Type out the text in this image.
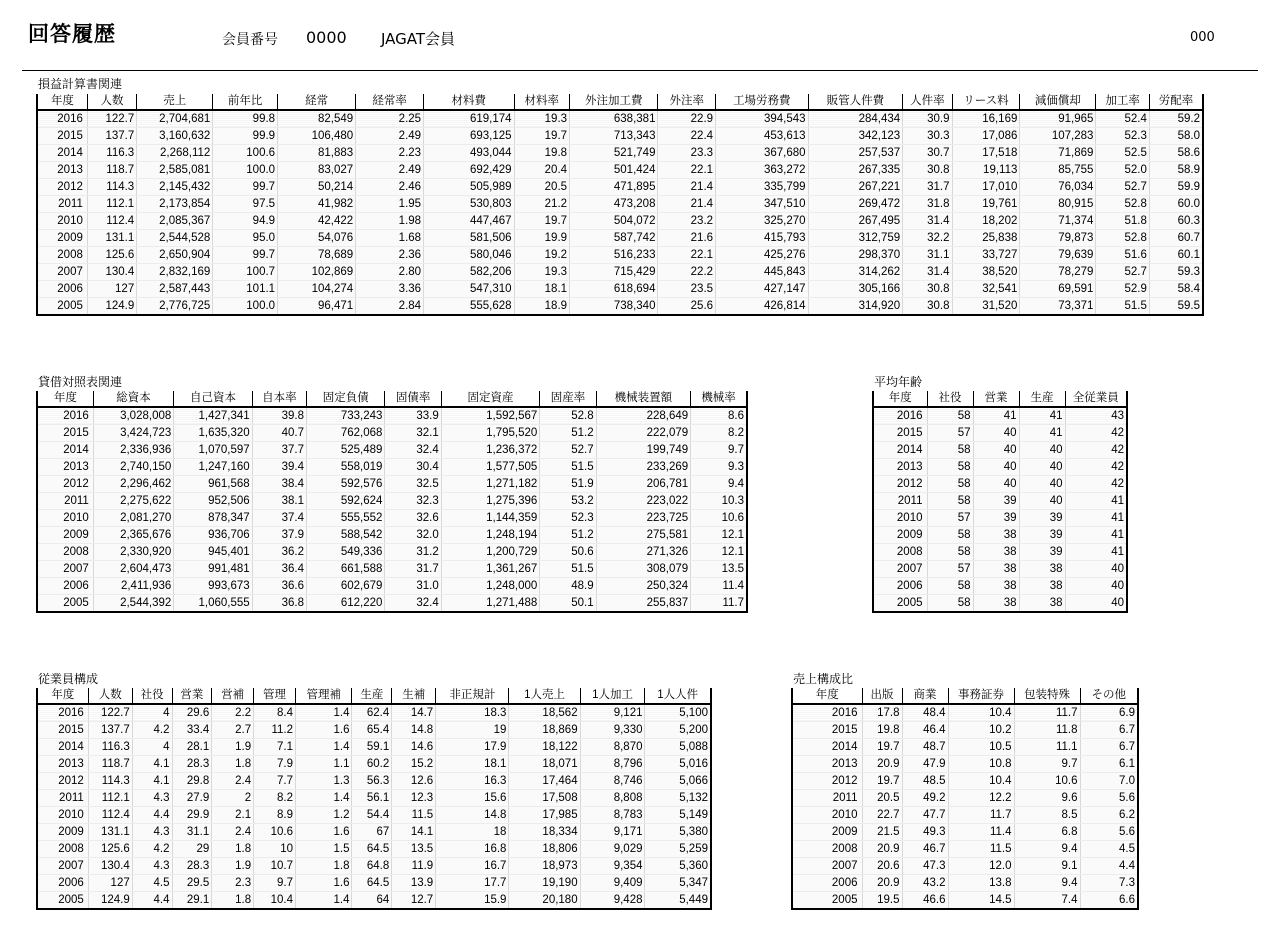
回答履歴	会員番号 0000 JAGAT会員	000
損益計算書関連
年度	人数	売上	前年比	経常	経常率	材料費	材料率	外注加工費	外注率	工場労務費	販管人件費	人件率	リース料	減価償却	加工率	労配率
2016	122.7	2,704,681	99.8	82,549	2.25	619,174	19.3	638,381	22.9	394,543	284,434	30.9	16,169	91,965	52.4	59.2
2015	137.7	3,160,632	99.9	106,480	2.49	693,125	19.7	713,343	22.4	453,613	342,123	30.3	17,086	107,283	52.3	58.0
2014	116.3	2,268,112	100.6	81,883	2.23	493,044	19.8	521,749	23.3	367,680	257,537	30.7	17,518	71,869	52.5	58.6
2013	118.7	2,585,081	100.0	83,027	2.49	692,429	20.4	501,424	22.1	363,272	267,335	30.8	19,113	85,755	52.0	58.9
2012	114.3	2,145,432	99.7	50,214	2.46	505,989	20.5	471,895	21.4	335,799	267,221	31.7	17,010	76,034	52.7	59.9
2011	112.1	2,173,854	97.5	41,982	1.95	530,803	21.2	473,208	21.4	347,510	269,472	31.8	19,761	80,915	52.8	60.0
2010	112.4	2,085,367	94.9	42,422	1.98	447,467	19.7	504,072	23.2	325,270	267,495	31.4	18,202	71,374	51.8	60.3
2009	131.1	2,544,528	95.0	54,076	1.68	581,506	19.9	587,742	21.6	415,793	312,759	32.2	25,838	79,873	52.8	60.7
2008	125.6	2,650,904	99.7	78,689	2.36	580,046	19.2	516,233	22.1	425,276	298,370	31.1	33,727	79,639	51.6	60.1
2007	130.4	2,832,169	100.7	102,869	2.80	582,206	19.3	715,429	22.2	445,843	314,262	31.4	38,520	78,279	52.7	59.3
2006	127	2,587,443	101.1	104,274	3.36	547,310	18.1	618,694	23.5	427,147	305,166	30.8	32,541	69,591	52.9	58.4
2005	124.9	2,776,725	100.0	96,471	2.84	555,628	18.9	738,340	25.6	426,814	314,920	30.8	31,520	73,371	51.5	59.5
貸借対照表関連
年度	総資本	自己資本	自本率	固定負債	固債率	固定資産	固産率	機械装置額	機械率
2016	3,028,008	1,427,341	39.8	733,243	33.9	1,592,567	52.8	228,649	8.6
2015	3,424,723	1,635,320	40.7	762,068	32.1	1,795,520	51.2	222,079	8.2
2014	2,336,936	1,070,597	37.7	525,489	32.4	1,236,372	52.7	199,749	9.7
2013	2,740,150	1,247,160	39.4	558,019	30.4	1,577,505	51.5	233,269	9.3
2012	2,296,462	961,568	38.4	592,576	32.5	1,271,182	51.9	206,781	9.4
2011	2,275,622	952,506	38.1	592,624	32.3	1,275,396	53.2	223,022	10.3
2010	2,081,270	878,347	37.4	555,552	32.6	1,144,359	52.3	223,725	10.6
2009	2,365,676	936,706	37.9	588,542	32.0	1,248,194	51.2	275,581	12.1
2008	2,330,920	945,401	36.2	549,336	31.2	1,200,729	50.6	271,326	12.1
2007	2,604,473	991,481	36.4	661,588	31.7	1,361,267	51.5	308,079	13.5
2006	2,411,936	993,673	36.6	602,679	31.0	1,248,000	48.9	250,324	11.4
2005	2,544,392	1,060,555	36.8	612,220	32.4	1,271,488	50.1	255,837	11.7
平均年齢
年度	社役	営業	生産	全従業員
2016	58	41	41	43
2015	57	40	41	42
2014	58	40	40	42
2013	58	40	40	42
2012	58	40	40	42
2011	58	39	40	41
2010	57	39	39	41
2009	58	38	39	41
2008	58	38	39	41
2007	57	38	38	40
2006	58	38	38	40
2005	58	38	38	40
従業員構成
年度	人数	社役	営業	営補	管理	管理補	生産	生補	非正規計	1人売上	1人加工	1人人件
2016	122.7	4	29.6	2.2	8.4	1.4	62.4	14.7	18.3	18,562	9,121	5,100
2015	137.7	4.2	33.4	2.7	11.2	1.6	65.4	14.8	19	18,869	9,330	5,200
2014	116.3	4	28.1	1.9	7.1	1.4	59.1	14.6	17.9	18,122	8,870	5,088
2013	118.7	4.1	28.3	1.8	7.9	1.1	60.2	15.2	18.1	18,071	8,796	5,016
2012	114.3	4.1	29.8	2.4	7.7	1.3	56.3	12.6	16.3	17,464	8,746	5,066
2011	112.1	4.3	27.9	2	8.2	1.4	56.1	12.3	15.6	17,508	8,808	5,132
2010	112.4	4.4	29.9	2.1	8.9	1.2	54.4	11.5	14.8	17,985	8,783	5,149
2009	131.1	4.3	31.1	2.4	10.6	1.6	67	14.1	18	18,334	9,171	5,380
2008	125.6	4.2	29	1.8	10	1.5	64.5	13.5	16.8	18,806	9,029	5,259
2007	130.4	4.3	28.3	1.9	10.7	1.8	64.8	11.9	16.7	18,973	9,354	5,360
2006	127	4.5	29.5	2.3	9.7	1.6	64.5	13.9	17.7	19,190	9,409	5,347
2005	124.9	4.4	29.1	1.8	10.4	1.4	64	12.7	15.9	20,180	9,428	5,449
売上構成比
年度	出版	商業	事務証券	包装特殊	その他
2016	17.8	48.4	10.4	11.7	6.9
2015	19.8	46.4	10.2	11.8	6.7
2014	19.7	48.7	10.5	11.1	6.7
2013	20.9	47.9	10.8	9.7	6.1
2012	19.7	48.5	10.4	10.6	7.0
2011	20.5	49.2	12.2	9.6	5.6
2010	22.7	47.7	11.7	8.5	6.2
2009	21.5	49.3	11.4	6.8	5.6
2008	20.9	46.7	11.5	9.4	4.5
2007	20.6	47.3	12.0	9.1	4.4
2006	20.9	43.2	13.8	9.4	7.3
2005	19.5	46.6	14.5	7.4	6.6
